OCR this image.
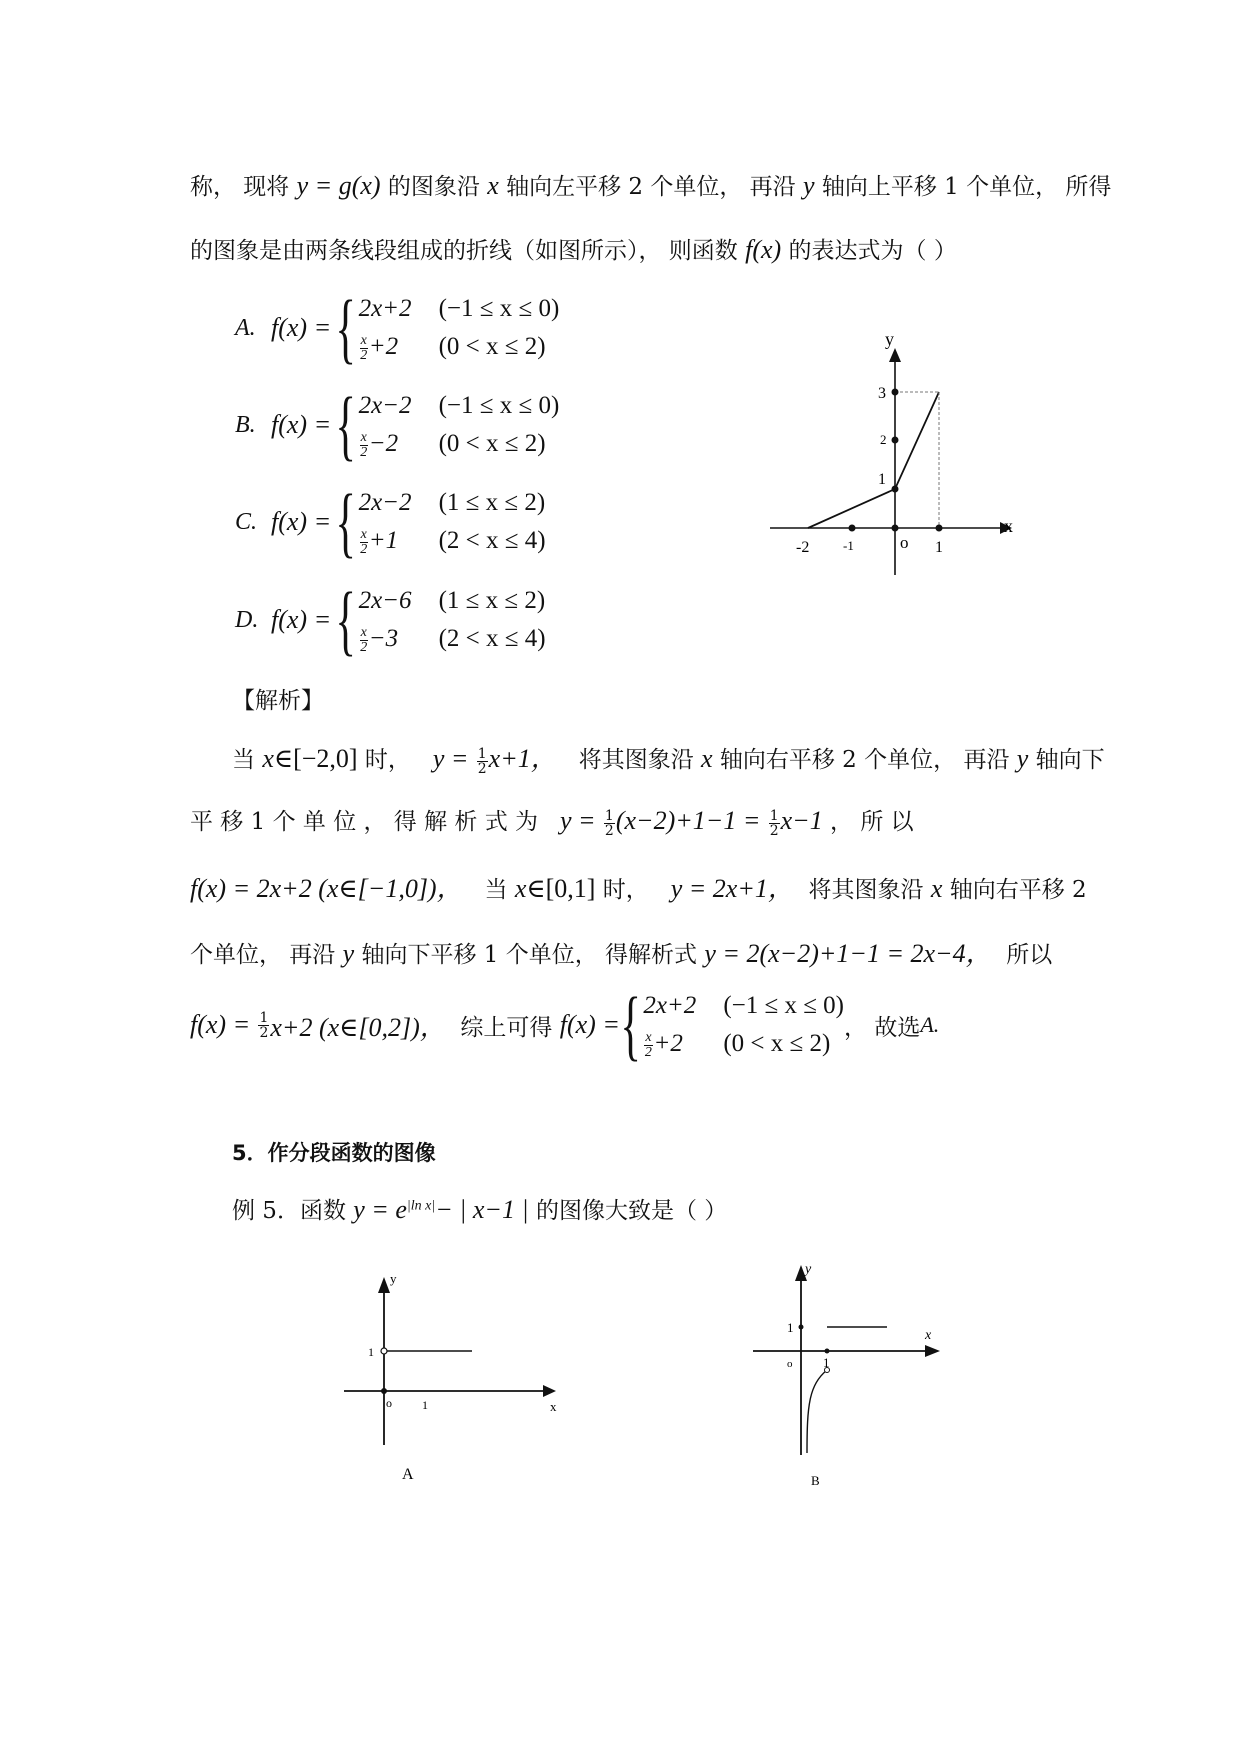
称， 现将 y = g(x) 的图象沿 x 轴向左平移 2 个单位， 再沿 y 轴向上平移 1 个单位， 所得
的图象是由两条线段组成的折线（如图所示）， 则函数 f(x) 的表达式为（ ）
A. f(x) = { 2x+2	(−1 ≤ x ≤ 0)
$\frac{x}{2} +2$	(0 < x ≤ 2)
B. f(x) = { 2x−2	(−1 ≤ x ≤ 0)
$\frac{x}{2} -2$	(0 < x ≤ 2)
C. f(x) = { 2x−2	(1 ≤ x ≤ 2)
$\frac{x}{2} +1$	(2 < x ≤ 4)
D. f(x) = { 2x−6	(1 ≤ x ≤ 2)
$\frac{x}{2} -3$	(2 < x ≤ 4)
y
x
o
-2	-1	1
1
2
3
【解析】
当 x∈[−2,0] 时， $y = \frac{1}{2} x+1$， 将其图象沿 x 轴向右平移 2 个单位， 再沿 y 轴向下
平 移 1 个 单 位 ， 得 解 析 式 为 $y = \frac{1}{2} (x-2)+1-1 = \frac{1}{2} x-1$ ， 所 以
f(x) = 2x+2 (x∈[−1,0])， 当 x∈[0,1] 时， y = 2x+1， 将其图象沿 x 轴向右平移 2
个单位， 再沿 y 轴向下平移 1 个单位， 得解析式 y = 2(x−2)+1−1 = 2x−4， 所以
f(x) =
$\frac{1}{2} x+2$ (x∈[0,2])，
综上可得
f(x) = { 2x+2	(−1 ≤ x ≤ 0)
$\frac{x}{2} +2$	(0 < x ≤ 2)
， 故选 A.
5．作分段函数的图像
例 5．函数 $y = e^{|ln x|}-$ | x−1 | 的图像大致是（ ）
y
x
o	1
1
A
y
x
o 1
1
B
